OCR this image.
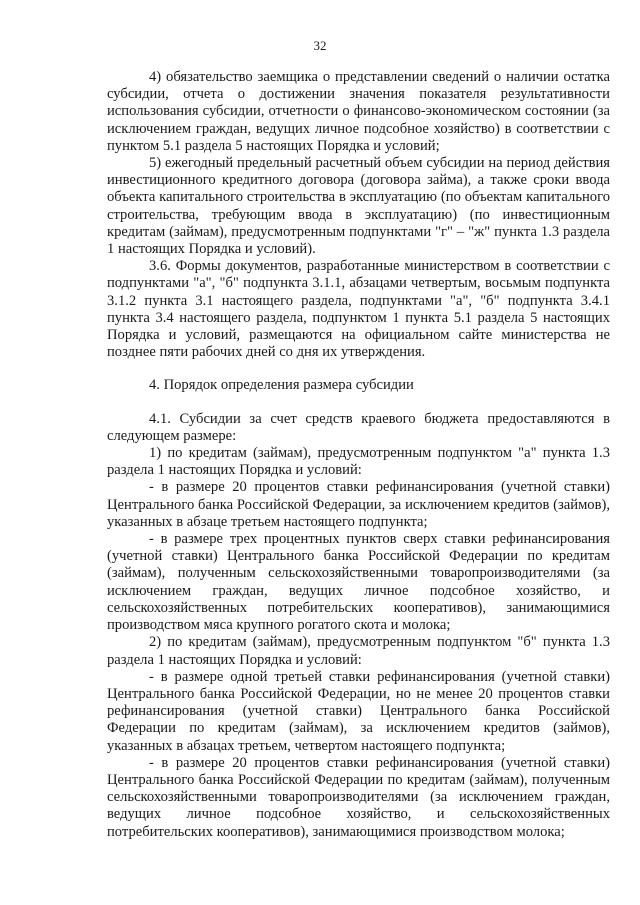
32

4) обязательство заемщика о представлении сведений о наличии остатка субсидии, отчета о достижении значения показателя результативности использования субсидии, отчетности о финансово-экономическом состоянии (за исключением граждан, ведущих личное подсобное хозяйство) в соответствии с пунктом 5.1 раздела 5 настоящих Порядка и условий;

5) ежегодный предельный расчетный объем субсидии на период действия инвестиционного кредитного договора (договора займа), а также сроки ввода объекта капитального строительства в эксплуатацию (по объектам капитального строительства, требующим ввода в эксплуатацию) (по инвестиционным кредитам (займам), предусмотренным подпунктами "г" – "ж" пункта 1.3 раздела 1 настоящих Порядка и условий).

3.6. Формы документов, разработанные министерством в соответствии с подпунктами "а", "б" подпункта 3.1.1, абзацами четвертым, восьмым подпункта 3.1.2 пункта 3.1 настоящего раздела, подпунктами "а", "б" подпункта 3.4.1 пункта 3.4 настоящего раздела, подпунктом 1 пункта 5.1 раздела 5 настоящих Порядка и условий, размещаются на официальном сайте министерства не позднее пяти рабочих дней со дня их утверждения.

4. Порядок определения размера субсидии

4.1. Субсидии за счет средств краевого бюджета предоставляются в следующем размере:

1) по кредитам (займам), предусмотренным подпунктом "а" пункта 1.3 раздела 1 настоящих Порядка и условий:

- в размере 20 процентов ставки рефинансирования (учетной ставки) Центрального банка Российской Федерации, за исключением кредитов (займов), указанных в абзаце третьем настоящего подпункта;

- в размере трех процентных пунктов сверх ставки рефинансирования (учетной ставки) Центрального банка Российской Федерации по кредитам (займам), полученным сельскохозяйственными товаропроизводителями (за исключением граждан, ведущих личное подсобное хозяйство, и сельскохозяйственных потребительских кооперативов), занимающимися производством мяса крупного рогатого скота и молока;

2) по кредитам (займам), предусмотренным подпунктом "б" пункта 1.3 раздела 1 настоящих Порядка и условий:

- в размере одной третьей ставки рефинансирования (учетной ставки) Центрального банка Российской Федерации, но не менее 20 процентов ставки рефинансирования (учетной ставки) Центрального банка Российской Федерации по кредитам (займам), за исключением кредитов (займов), указанных в абзацах третьем, четвертом настоящего подпункта;

- в размере 20 процентов ставки рефинансирования (учетной ставки) Центрального банка Российской Федерации по кредитам (займам), полученным сельскохозяйственными товаропроизводителями (за исключением граждан, ведущих личное подсобное хозяйство, и сельскохозяйственных потребительских кооперативов), занимающимися производством молока;
